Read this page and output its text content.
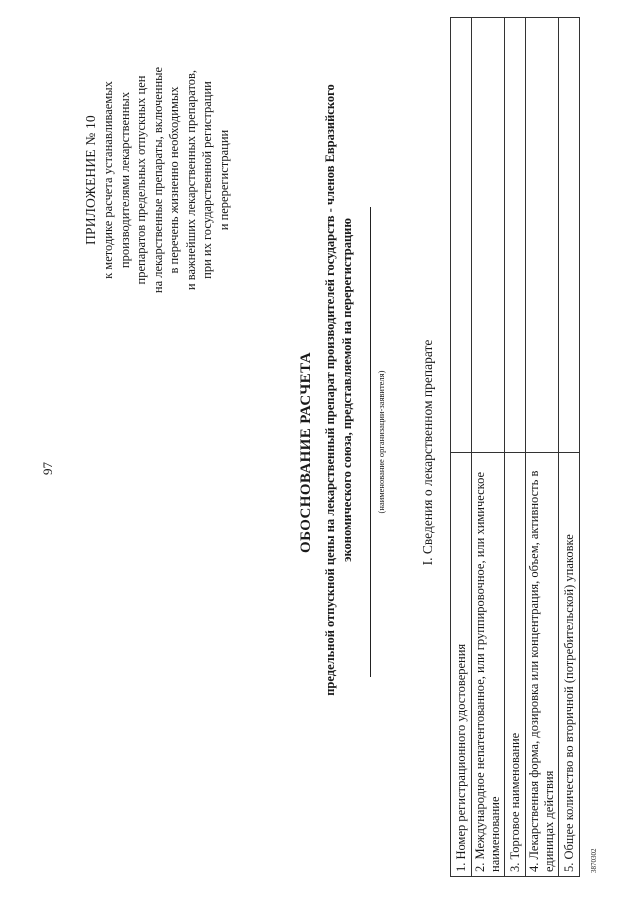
97
ПРИЛОЖЕНИЕ № 10 к методике расчета устанавливаемых производителями лекарственных препаратов предельных отпускных цен на лекарственные препараты, включенные в перечень жизненно необходимых и важнейших лекарственных препаратов, при их государственной регистрации и перерегистрации
ОБОСНОВАНИЕ РАСЧЕТА предельной отпускной цены на лекарственный препарат производителей государств - членов Евразийского экономического союза, представляемой на перерегистрацию	(наименование организации-заявителя)	I. Сведения о лекарственном препарате
1. Номер регистрационного удостоверения	
2. Международное непатентованное, или группировочное, или химическое наименование	
3. Торговое наименование	
4. Лекарственная форма, дозировка или концентрация, объем, активность в единицах действия	
5. Общее количество во вторичной (потребительской) упаковке	3870302
